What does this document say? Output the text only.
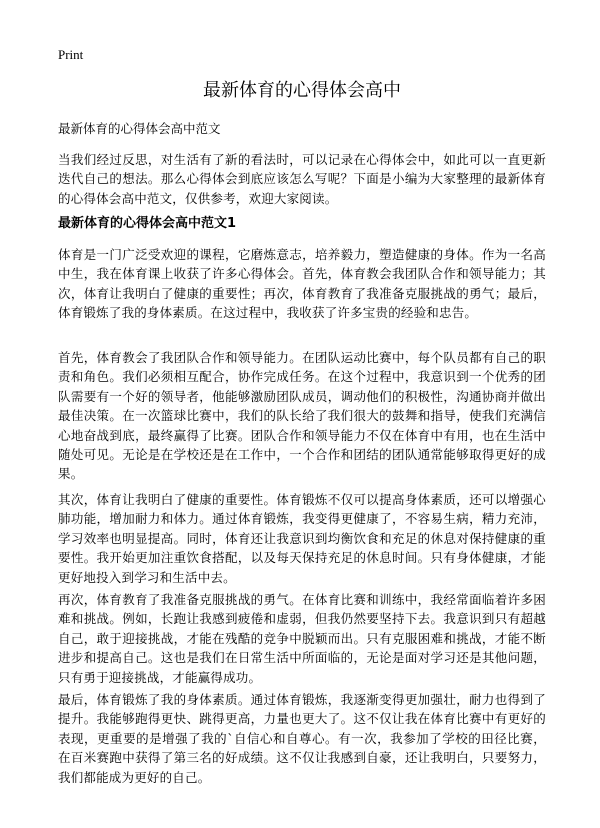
Print
最新体育的心得体会高中
最新体育的心得体会高中范文

当我们经过反思，对生活有了新的看法时，可以记录在心得体会中，如此可以一直更新迭代自己的想法。那么心得体会到底应该怎么写呢？下面是小编为大家整理的最新体育的心得体会高中范文，仅供参考，欢迎大家阅读。

最新体育的心得体会高中范文1

体育是一门广泛受欢迎的课程，它磨炼意志，培养毅力，塑造健康的身体。作为一名高中生，我在体育课上收获了许多心得体会。首先，体育教会我团队合作和领导能力；其次，体育让我明白了健康的重要性；再次，体育教育了我准备克服挑战的勇气；最后，体育锻炼了我的身体素质。在这过程中，我收获了许多宝贵的经验和忠告。

首先，体育教会了我团队合作和领导能力。在团队运动比赛中，每个队员都有自己的职责和角色。我们必须相互配合，协作完成任务。在这个过程中，我意识到一个优秀的团队需要有一个好的领导者，他能够激励团队成员，调动他们的积极性，沟通协商并做出最佳决策。在一次篮球比赛中，我们的队长给了我们很大的鼓舞和指导，使我们充满信心地奋战到底，最终赢得了比赛。团队合作和领导能力不仅在体育中有用，也在生活中随处可见。无论是在学校还是在工作中，一个合作和团结的团队通常能够取得更好的成果。

其次，体育让我明白了健康的重要性。体育锻炼不仅可以提高身体素质，还可以增强心肺功能，增加耐力和体力。通过体育锻炼，我变得更健康了，不容易生病，精力充沛，学习效率也明显提高。同时，体育还让我意识到均衡饮食和充足的休息对保持健康的重要性。我开始更加注重饮食搭配，以及每天保持充足的休息时间。只有身体健康，才能更好地投入到学习和生活中去。

再次，体育教育了我准备克服挑战的勇气。在体育比赛和训练中，我经常面临着许多困难和挑战。例如，长跑让我感到疲倦和虚弱，但我仍然要坚持下去。我意识到只有超越自己，敢于迎接挑战，才能在残酷的竞争中脱颖而出。只有克服困难和挑战，才能不断进步和提高自己。这也是我们在日常生活中所面临的，无论是面对学习还是其他问题，只有勇于迎接挑战，才能赢得成功。

最后，体育锻炼了我的身体素质。通过体育锻炼，我逐渐变得更加强壮，耐力也得到了提升。我能够跑得更快、跳得更高，力量也更大了。这不仅让我在体育比赛中有更好的表现，更重要的是增强了我的`自信心和自尊心。有一次，我参加了学校的田径比赛，在百米赛跑中获得了第三名的好成绩。这不仅让我感到自豪，还让我明白，只要努力，我们都能成为更好的自己。
